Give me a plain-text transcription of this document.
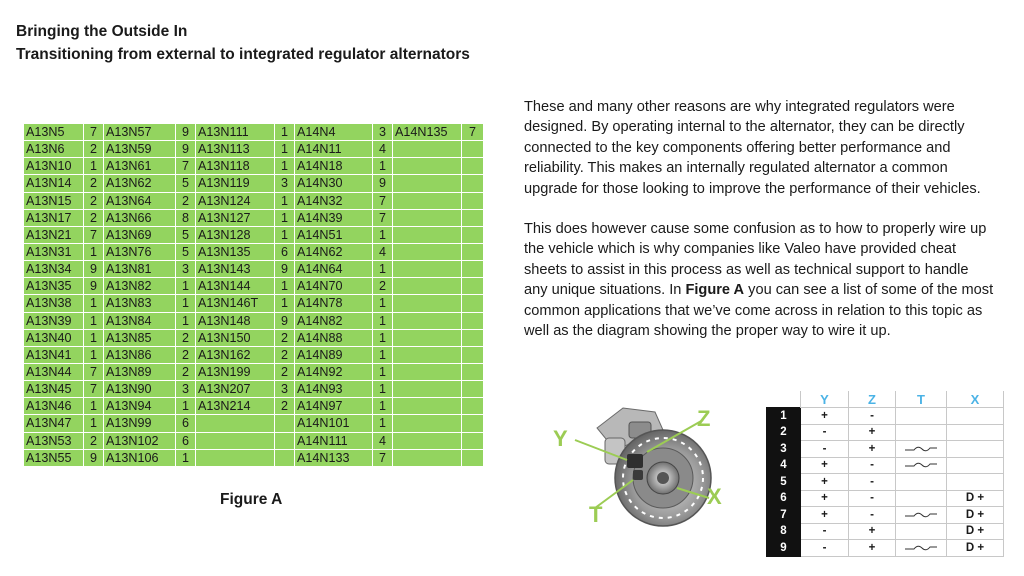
Bringing the Outside In
Transitioning from external to integrated regulator alternators
A13N5	7	A13N57	9	A13N111	1	A14N4	3	A14N135	7
A13N6	2	A13N59	9	A13N113	1	A14N11	4		
A13N10	1	A13N61	7	A13N118	1	A14N18	1		
A13N14	2	A13N62	5	A13N119	3	A14N30	9		
A13N15	2	A13N64	2	A13N124	1	A14N32	7		
A13N17	2	A13N66	8	A13N127	1	A14N39	7		
A13N21	7	A13N69	5	A13N128	1	A14N51	1		
A13N31	1	A13N76	5	A13N135	6	A14N62	4		
A13N34	9	A13N81	3	A13N143	9	A14N64	1		
A13N35	9	A13N82	1	A13N144	1	A14N70	2		
A13N38	1	A13N83	1	A13N146T	1	A14N78	1		
A13N39	1	A13N84	1	A13N148	9	A14N82	1		
A13N40	1	A13N85	2	A13N150	2	A14N88	1		
A13N41	1	A13N86	2	A13N162	2	A14N89	1		
A13N44	7	A13N89	2	A13N199	2	A14N92	1		
A13N45	7	A13N90	3	A13N207	3	A14N93	1		
A13N46	1	A13N94	1	A13N214	2	A14N97	1		
A13N47	1	A13N99	6			A14N101	1		
A13N53	2	A13N102	6			A14N111	4		
A13N55	9	A13N106	1			A14N133	7		
Figure A

These and many other reasons are why integrated regulators were designed. By operating internal to the alternator, they can be directly connected to the key components offering better performance and reliability. This makes an internally regulated alternator a common upgrade for those looking to improve the performance of their vehicles.

This does however cause some confusion as to how to properly wire up the vehicle which is why companies like Valeo have provided cheat sheets to assist in this process as well as technical support to handle any unique situations. In Figure A you can see a list of some of the most common applications that we’ve come across in relation to this topic as well as the diagram showing the proper way to wire it up.

Y
Z
T
X
	Y	Z	T	X
1	+	-		
2	-	+		
3	-	+		
4	+	-		
5	+	-		
6	+	-		D +
7	+	-		D +
8	-	+		D +
9	-	+		D +
